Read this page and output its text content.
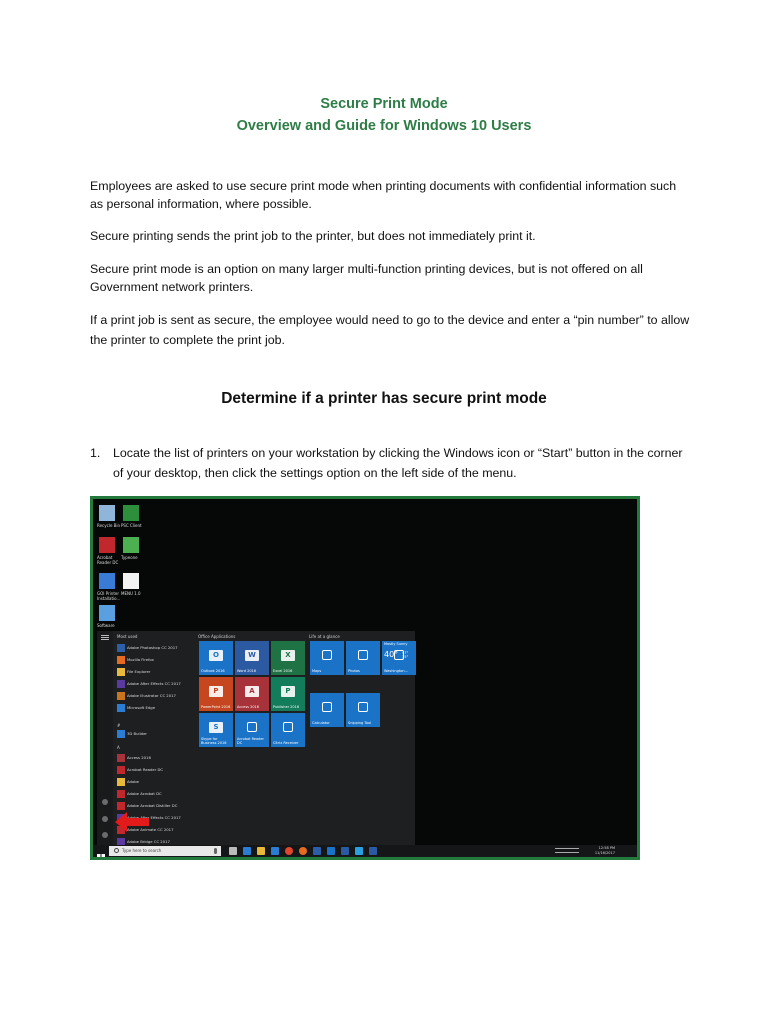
Secure Print Mode
Overview and Guide for Windows 10 Users

Employees are asked to use secure print mode when printing documents with confidential information such as personal information, where possible.

Secure printing sends the print job to the printer, but does not immediately print it.

Secure print mode is an option on many larger multi-function printing devices, but is not offered on all Government network printers.

If a print job is sent as secure, the employee would need to go to the device and enter a “pin number” to allow the printer to complete the print job.

Determine if a printer has secure print mode
1. Locate the list of printers on your workstation by clicking the Windows icon or “Start” button in the corner of your desktop, then click the settings option on the left side of the menu.
Recycle Bin PSC Client
Acrobat Reader DC
Typeone
GOI Printer Installatio...
MENU 1.0
Software
Most used
Adobe Photoshop CC 2017
Mozilla Firefox
File Explorer
Adobe After Effects CC 2017
Adobe Illustrator CC 2017
Microsoft Edge
3D Builder
Access 2016
Acrobat Reader DC
Adobe
Adobe Acrobat DC
Adobe Acrobat Distiller DC
Adobe After Effects CC 2017
Adobe Animate CC 2017
Adobe Bridge CC 2017
#
A
Office Applications	Life at a glance
O
Outlook 2016
W
Word 2016
X
Excel 2016	Maps	Photos	Washington...
P
PowerPoint 2016
A
Access 2016
P
Publisher 2016
Calculator	Snipping Tool
S
Skype for Business 2016
Acrobat Reader DC	Citrix Receiver
Mostly Sunny
40° 47° 35°
Type here to search	12:58 PM
11/16/2017
